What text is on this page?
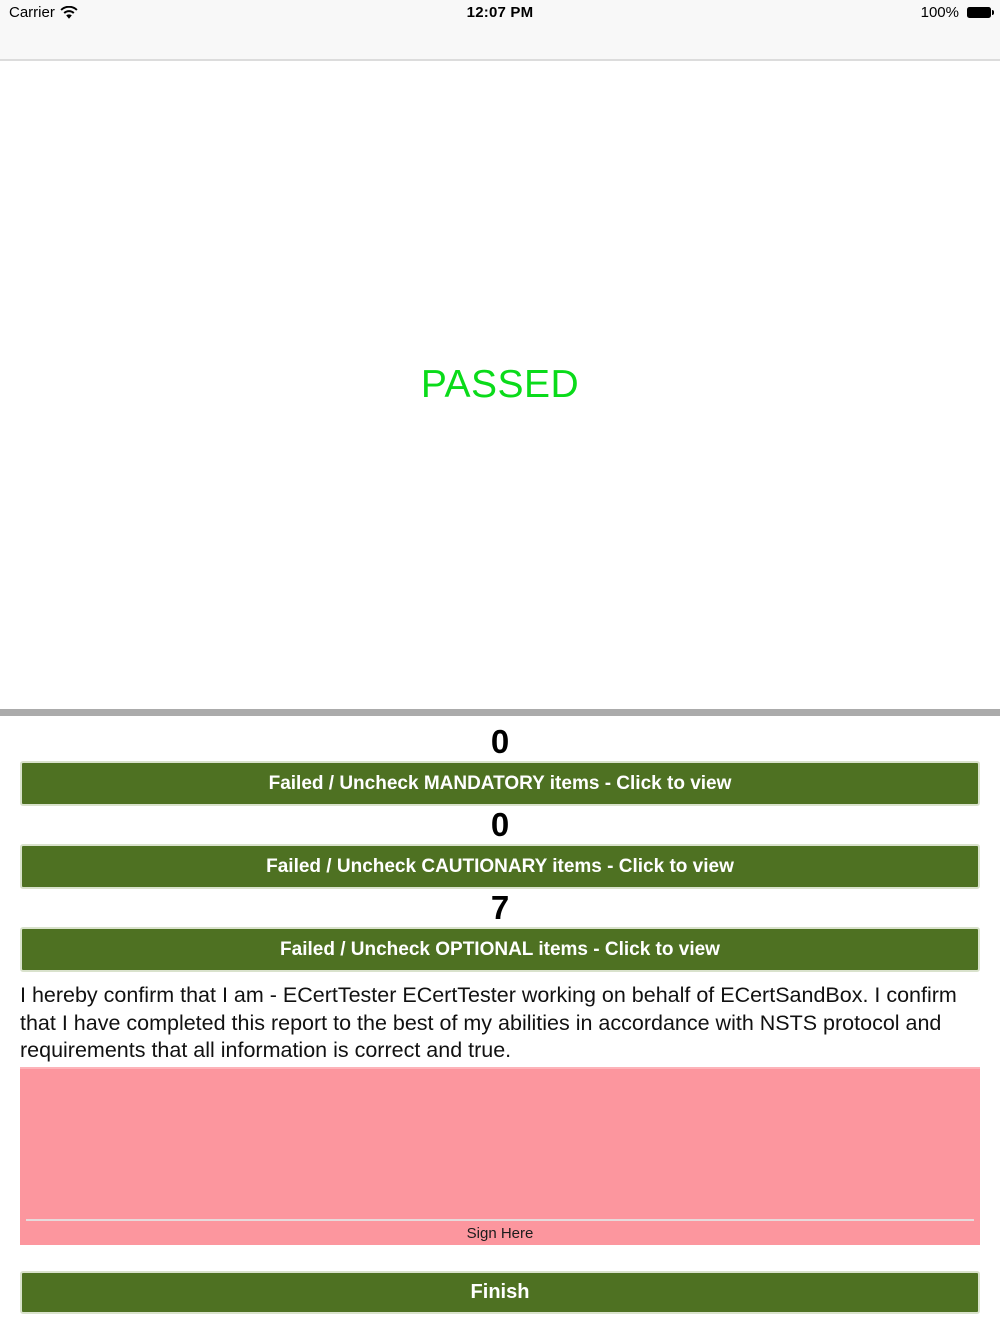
Carrier	12:07 PM	100%
PASSED
0
Failed / Uncheck MANDATORY items - Click to view
0
Failed / Uncheck CAUTIONARY items - Click to view
7
Failed / Uncheck OPTIONAL items - Click to view

I hereby confirm that I am - ECertTester ECertTester working on behalf of ECertSandBox. I confirm that I have completed this report to the best of my abilities in accordance with NSTS protocol and requirements that all information is correct and true.

Sign Here
Finish
